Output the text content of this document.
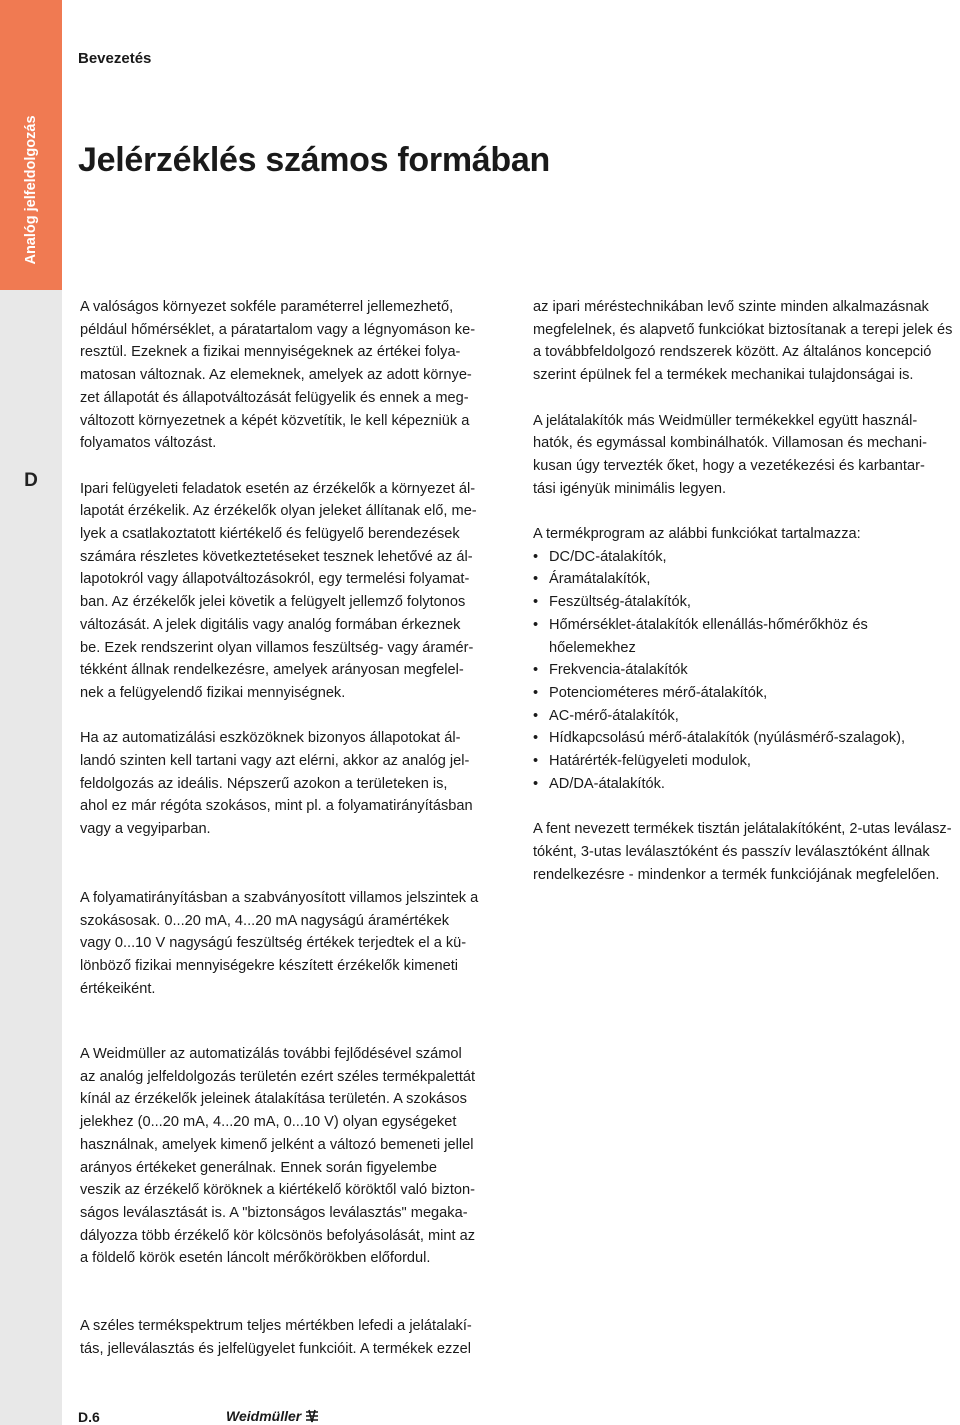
Analóg jelfeldolgozás
D
Bevezetés
Jelérzéklés számos formában

A valóságos környezet sokféle paraméterrel jellemezhető,
például hőmérséklet, a páratartalom vagy a légnyomáson ke-
resztül. Ezeknek a fizikai mennyiségeknek az értékei folya-
matosan változnak. Az elemeknek, amelyek az adott környe-
zet állapotát és állapotváltozását felügyelik és ennek a meg-
változott környezetnek a képét közvetítik, le kell képezniük a
folyamatos változást.

Ipari felügyeleti feladatok esetén az érzékelők a környezet ál-
lapotát érzékelik. Az érzékelők olyan jeleket állítanak elő, me-
lyek a csatlakoztatott kiértékelő és felügyelő berendezések
számára részletes következtetéseket tesznek lehetővé az ál-
lapotokról vagy állapotváltozásokról, egy termelési folyamat-
ban. Az érzékelők jelei követik a felügyelt jellemző folytonos
változását. A jelek digitális vagy analóg formában érkeznek
be. Ezek rendszerint olyan villamos feszültség- vagy áramér-
tékként állnak rendelkezésre, amelyek arányosan megfelel-
nek a felügyelendő fizikai mennyiségnek.

Ha az automatizálási eszközöknek bizonyos állapotokat ál-
landó szinten kell tartani vagy azt elérni, akkor az analóg jel-
feldolgozás az ideális. Népszerű azokon a területeken is,
ahol ez már régóta szokásos, mint pl. a folyamatirányításban
vagy a vegyiparban.

A folyamatirányításban a szabványosított villamos jelszintek a
szokásosak. 0...20 mA, 4...20 mA nagyságú áramértékek
vagy 0...10 V nagyságú feszültség értékek terjedtek el a kü-
lönböző fizikai mennyiségekre készített érzékelők kimeneti
értékeiként.

az ipari méréstechnikában levő szinte minden alkalmazásnak
megfelelnek, és alapvető funkciókat biztosítanak a terepi jelek és
a továbbfeldolgozó rendszerek között. Az általános koncepció
szerint épülnek fel a termékek mechanikai tulajdonságai is.

A jelátalakítók más Weidmüller termékekkel együtt használ-
hatók, és egymással kombinálhatók. Villamosan és mechani-
kusan úgy tervezték őket, hogy a vezetékezési és karbantar-
tási igényük minimális legyen.

A termékprogram az alábbi funkciókat tartalmazza:

• DC/DC-átalakítók,
• Áramátalakítók,
• Feszültség-átalakítók,
• Hőmérséklet-átalakítók ellenállás-hőmérőkhöz és
hőelemekhez
• Frekvencia-átalakítók
• Potenciométeres mérő-átalakítók,
• AC-mérő-átalakítók,
• Hídkapcsolású mérő-átalakítók (nyúlásmérő-szalagok),
• Határérték-felügyeleti modulok,
• AD/DA-átalakítók.

A fent nevezett termékek tisztán jelátalakítóként, 2-utas leválasz-
tóként, 3-utas leválasztóként és passzív leválasztóként állnak
rendelkezésre - mindenkor a termék funkciójának megfelelően.

A Weidmüller az automatizálás további fejlődésével számol
az analóg jelfeldolgozás területén ezért széles termékpalettát
kínál az érzékelők jeleinek átalakítása területén. A szokásos
jelekhez (0...20 mA, 4...20 mA, 0...10 V) olyan egységeket
használnak, amelyek kimenő jelként a változó bemeneti jellel
arányos értékeket generálnak. Ennek során figyelembe
veszik az érzékelő köröknek a kiértékelő köröktől való bizton-
ságos leválasztását is. A "biztonságos leválasztás" megaka-
dályozza több érzékelő kör kölcsönös befolyásolását, mint az
a földelő körök esetén láncolt mérőkörökben előfordul.

A széles termékspektrum teljes mértékben lefedi a jelátalakí-
tás, jelleválasztás és jelfelügyelet funkcióit. A termékek ezzel

D.6	Weidmüller
